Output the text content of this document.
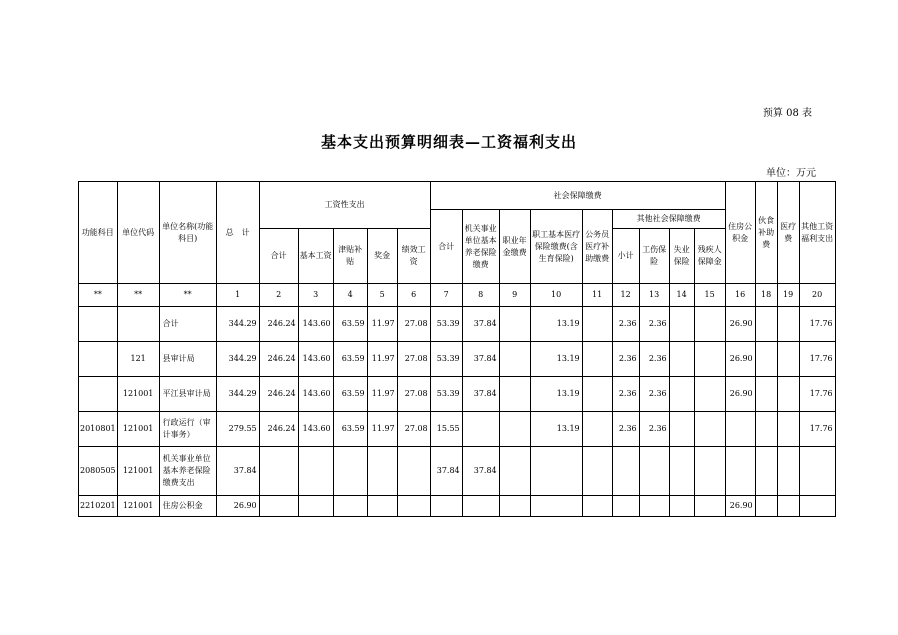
预算 08 表
基本支出预算明细表—工资福利支出
单位：万元
功能科目	单位代码	单位名称(功能科目)	总　计	工资性支出					社会保障缴费									住房公积金	伙食补助费	医疗费	其他工资福利支出
									合计	机关事业单位基本养老保险缴费	职业年金缴费	职工基本医疗保险缴费(含生育保险)	公务员医疗补助缴费	其他社会保障缴费							
				合计	基本工资	津贴补贴	奖金	绩效工资						小计	工伤保险	失业保险	残疾人保障金				
**	**	**	1	2	3	4	5	6	7	8	9	10	11	12	13	14	15	16	18	19	20
		合计	344.29	246.24	143.60	63.59	11.97	27.08	53.39	37.84		13.19		2.36	2.36			26.90			17.76
	121	县审计局	344.29	246.24	143.60	63.59	11.97	27.08	53.39	37.84		13.19		2.36	2.36			26.90			17.76
	121001	平江县审计局	344.29	246.24	143.60	63.59	11.97	27.08	53.39	37.84		13.19		2.36	2.36			26.90			17.76
2010801	121001	行政运行（审计事务）	279.55	246.24	143.60	63.59	11.97	27.08	15.55			13.19		2.36	2.36						17.76
2080505	121001	机关事业单位基本养老保险缴费支出	37.84						37.84	37.84											
2210201	121001	住房公积金	26.90															26.90			
